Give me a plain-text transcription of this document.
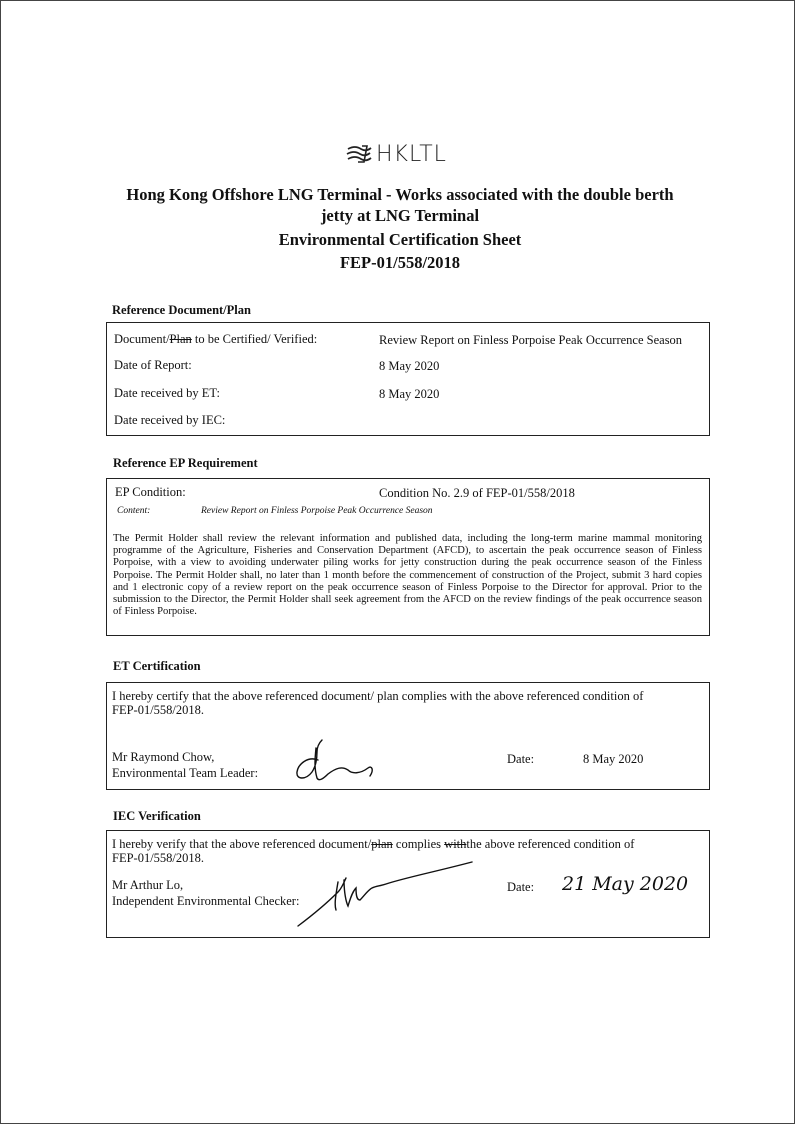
HKLTL
Hong Kong Offshore LNG Terminal - Works associated with the double berth
jetty at LNG Terminal
Environmental Certification Sheet
FEP-01/558/2018
Reference Document/Plan
Document/Plan to be Certified/ Verified:	Review Report on Finless Porpoise Peak Occurrence Season
Date of Report:	8 May 2020
Date received by ET:	8 May 2020
Date received by IEC:
Reference EP Requirement
EP Condition:	Condition No. 2.9 of FEP-01/558/2018
Content:	Review Report on Finless Porpoise Peak Occurrence Season
The Permit Holder shall review the relevant information and published data, including the long-term marine mammal monitoring programme of the Agriculture, Fisheries and Conservation Department (AFCD), to ascertain the peak occurrence season of Finless Porpoise, with a view to avoiding underwater piling works for jetty construction during the peak occurrence season of the Finless Porpoise. The Permit Holder shall, no later than 1 month before the commencement of construction of the Project, submit 3 hard copies and 1 electronic copy of a review report on the peak occurrence season of Finless Porpoise to the Director for approval. Prior to the submission to the Director, the Permit Holder shall seek agreement from the AFCD on the review findings of the peak occurrence season of Finless Porpoise.
ET Certification
I hereby certify that the above referenced document/ plan complies with the above referenced condition of
FEP-01/558/2018.
Mr Raymond Chow,
Environmental Team Leader:
Date:	8 May 2020
IEC Verification
I hereby verify that the above referenced document/plan complies withthe above referenced condition of
FEP-01/558/2018.
Mr Arthur Lo,
Independent Environmental Checker:
Date: 21 May 2020
